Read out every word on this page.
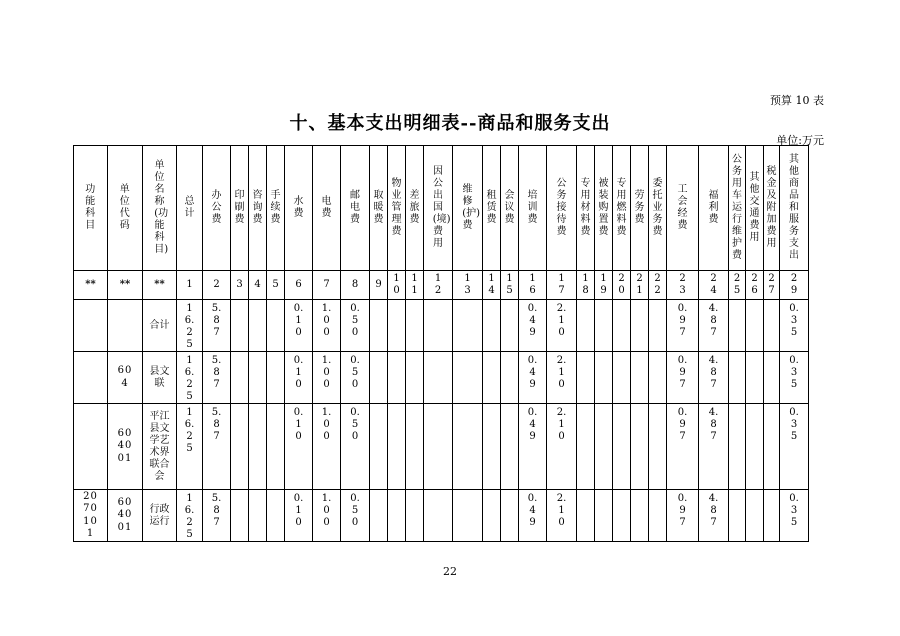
预算 10 表
十、基本支出明细表--商品和服务支出
单位:万元
功能科目	单位代码	单位名称(功能科目)	总计	办公费	印刷费	咨询费	手续费	水费	电费	邮电费	取暖费	物业管理费	差旅费	因公出国(境)费用	维修(护)费	租赁费	会议费	培训费	公务接待费	专用材料费	被装购置费	专用燃料费	劳务费	委托业务费	工会经费	福利费	公务用车运行维护费	其他交通费用	税金及附加费用	其他商品和服务支出
**	**	**	1	2	3	4	5	6	7	8	9	10	11	12	13	14	15	16	17	18	19	20	21	22	23	24	25	26	27	29
		合计	16.25	5.87				0.10	1.00	0.50								0.49	2.10						0.97	4.87				0.35
	604	县文联	16.25	5.87				0.10	1.00	0.50								0.49	2.10						0.97	4.87				0.35
	604001	平江县文学艺术界联合会	16.25	5.87				0.10	1.00	0.50								0.49	2.10						0.97	4.87				0.35
2070101	604001	行政运行	16.25	5.87				0.10	1.00	0.50								0.49	2.10						0.97	4.87				0.35
22
